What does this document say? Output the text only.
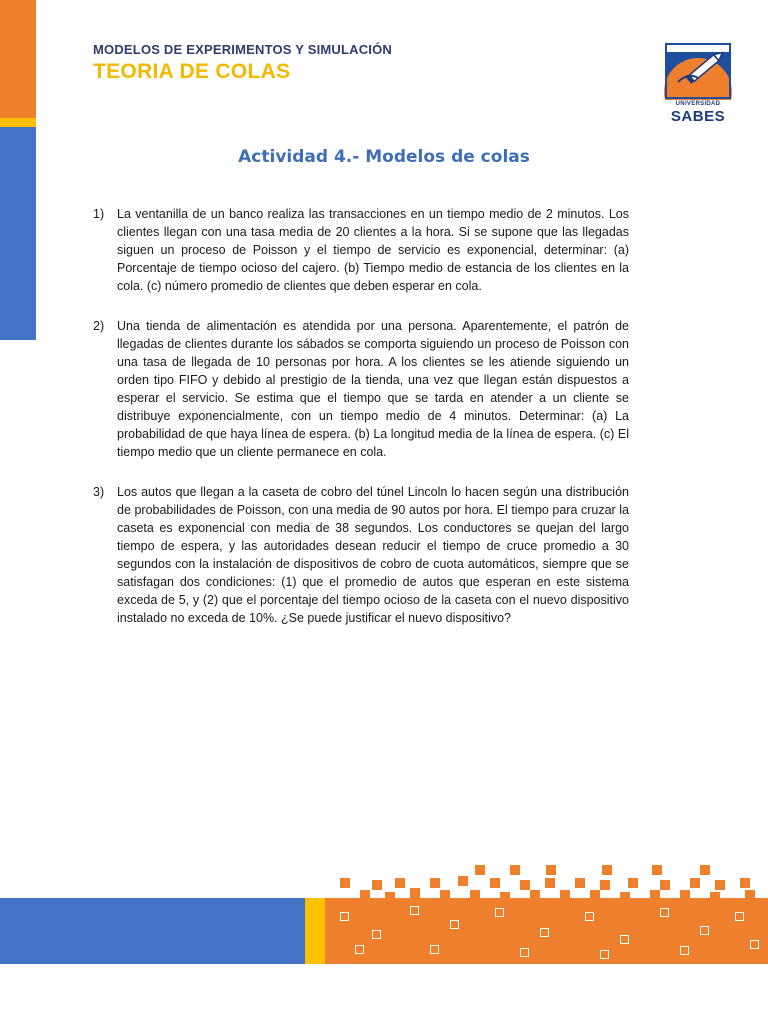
MODELOS DE EXPERIMENTOS Y SIMULACIÓN
TEORIA DE COLAS
UNIVERSIDAD
SABES
Actividad 4.- Modelos de colas
1) La ventanilla de un banco realiza las transacciones en un tiempo medio de 2 minutos. Los clientes llegan con una tasa media de 20 clientes a la hora. Si se supone que las llegadas siguen un proceso de Poisson y el tiempo de servicio es exponencial, determinar: (a) Porcentaje de tiempo ocioso del cajero. (b) Tiempo medio de estancia de los clientes en la cola. (c) número promedio de clientes que deben esperar en cola.
2) Una tienda de alimentación es atendida por una persona. Aparentemente, el patrón de llegadas de clientes durante los sábados se comporta siguiendo un proceso de Poisson con una tasa de llegada de 10 personas por hora. A los clientes se les atiende siguiendo un orden tipo FIFO y debido al prestigio de la tienda, una vez que llegan están dispuestos a esperar el servicio. Se estima que el tiempo que se tarda en atender a un cliente se distribuye exponencialmente, con un tiempo medio de 4 minutos. Determinar: (a) La probabilidad de que haya línea de espera. (b) La longitud media de la línea de espera. (c) El tiempo medio que un cliente permanece en cola.
3) Los autos que llegan a la caseta de cobro del túnel Lincoln lo hacen según una distribución de probabilidades de Poisson, con una media de 90 autos por hora. El tiempo para cruzar la caseta es exponencial con media de 38 segundos. Los conductores se quejan del largo tiempo de espera, y las autoridades desean reducir el tiempo de cruce promedio a 30 segundos con la instalación de dispositivos de cobro de cuota automáticos, siempre que se satisfagan dos condiciones: (1) que el promedio de autos que esperan en este sistema exceda de 5, y (2) que el porcentaje del tiempo ocioso de la caseta con el nuevo dispositivo instalado no exceda de 10%. ¿Se puede justificar el nuevo dispositivo?
